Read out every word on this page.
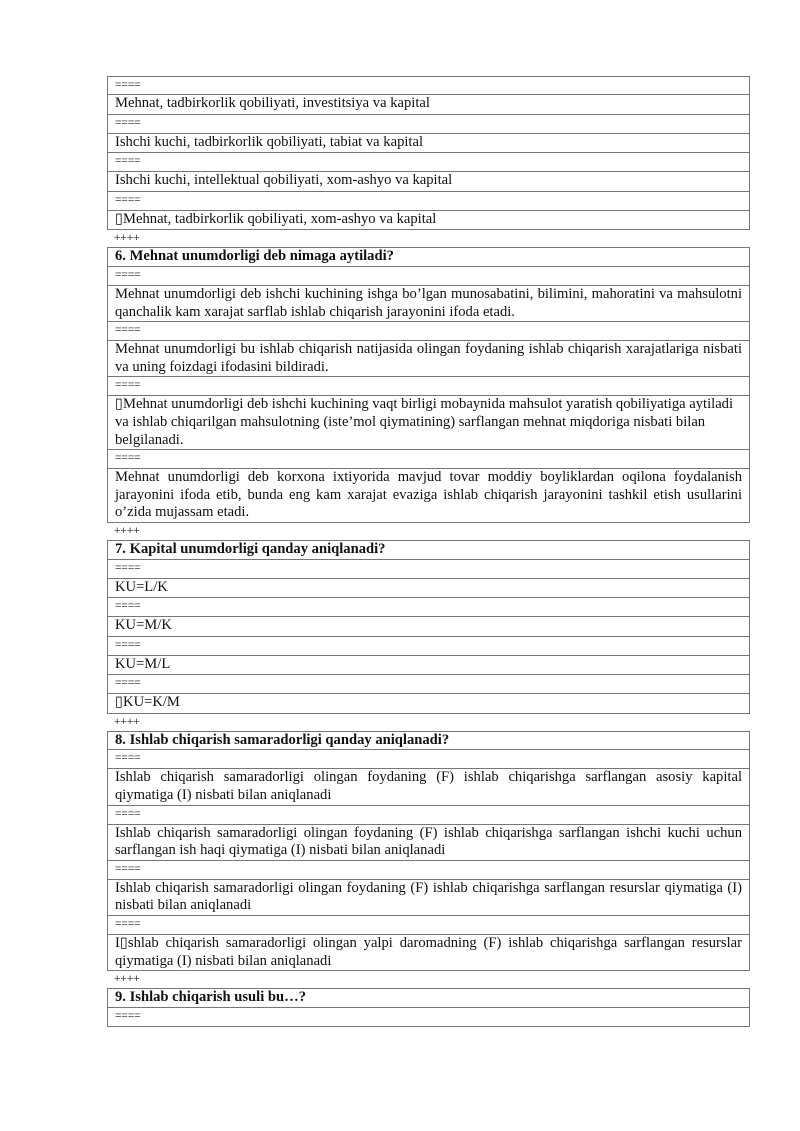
====
Mehnat, tadbirkorlik qobiliyati, investitsiya va kapital
====
Ishchi kuchi, tadbirkorlik qobiliyati, tabiat va kapital
====
Ishchi kuchi, intellektual qobiliyati, xom-ashyo va kapital
====
▯Mehnat, tadbirkorlik qobiliyati, xom-ashyo va kapital
++++
6. Mehnat unumdorligi deb nimaga aytiladi?
====
Mehnat unumdorligi deb ishchi kuchining ishga bo’lgan munosabatini, bilimini, mahoratini va mahsulotni qanchalik kam xarajat sarflab ishlab chiqarish jarayonini ifoda etadi.
====
Mehnat unumdorligi bu ishlab chiqarish natijasida olingan foydaning ishlab chiqarish xarajatlariga nisbati va uning foizdagi ifodasini bildiradi.
====
▯Mehnat unumdorligi deb ishchi kuchining vaqt birligi mobaynida mahsulot yaratish qobiliyatiga aytiladi va ishlab chiqarilgan mahsulotning (iste’mol qiymatining) sarflangan mehnat miqdoriga nisbati bilan belgilanadi.
====
Mehnat unumdorligi deb korxona ixtiyorida mavjud tovar moddiy boyliklardan oqilona foydalanish jarayonini ifoda etib, bunda eng kam xarajat evaziga ishlab chiqarish jarayonini tashkil etish usullarini o’zida mujassam etadi.
++++
7. Kapital unumdorligi qanday aniqlanadi?
====
KU=L/K
====
KU=M/K
====
KU=M/L
====
▯KU=K/M
++++
8. Ishlab chiqarish samaradorligi qanday aniqlanadi?
====
Ishlab chiqarish samaradorligi olingan foydaning (F) ishlab chiqarishga sarflangan asosiy kapital qiymatiga (I) nisbati bilan aniqlanadi
====
Ishlab chiqarish samaradorligi olingan foydaning (F) ishlab chiqarishga sarflangan ishchi kuchi uchun sarflangan ish haqi qiymatiga (I) nisbati bilan aniqlanadi
====
Ishlab chiqarish samaradorligi olingan foydaning (F) ishlab chiqarishga sarflangan resurslar qiymatiga (I) nisbati bilan aniqlanadi
====
I▯shlab chiqarish samaradorligi olingan yalpi daromadning (F) ishlab chiqarishga sarflangan resurslar qiymatiga (I) nisbati bilan aniqlanadi
++++
9. Ishlab chiqarish usuli bu…?
====
